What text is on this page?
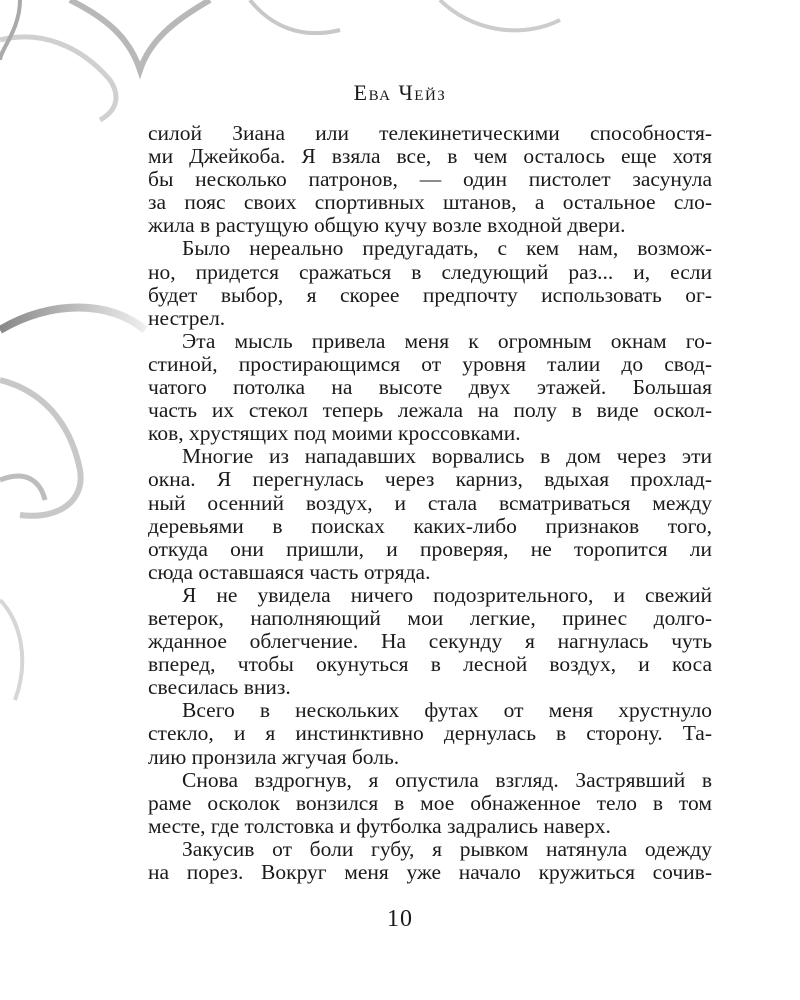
Ева Чейз
силой Зиана или телекинетическими способностя-
ми Джейкоба. Я взяла все, в чем осталось еще хотя
бы несколько патронов, — один пистолет засунула
за пояс своих спортивных штанов, а остальное сло-
жила в растущую общую кучу возле входной двери.
Было нереально предугадать, с кем нам, возмож-
но, придется сражаться в следующий раз... и, если
будет выбор, я скорее предпочту использовать ог-
нестрел.
Эта мысль привела меня к огромным окнам го-
стиной, простирающимся от уровня талии до свод-
чатого потолка на высоте двух этажей. Большая
часть их стекол теперь лежала на полу в виде оскол-
ков, хрустящих под моими кроссовками.
Многие из нападавших ворвались в дом через эти
окна. Я перегнулась через карниз, вдыхая прохлад-
ный осенний воздух, и стала всматриваться между
деревьями в поисках каких-либо признаков того,
откуда они пришли, и проверяя, не торопится ли
сюда оставшаяся часть отряда.
Я не увидела ничего подозрительного, и свежий
ветерок, наполняющий мои легкие, принес долго-
жданное облегчение. На секунду я нагнулась чуть
вперед, чтобы окунуться в лесной воздух, и коса
свесилась вниз.
Всего в нескольких футах от меня хрустнуло
стекло, и я инстинктивно дернулась в сторону. Та-
лию пронзила жгучая боль.
Снова вздрогнув, я опустила взгляд. Застрявший в
раме осколок вонзился в мое обнаженное тело в том
месте, где толстовка и футболка задрались наверх.
Закусив от боли губу, я рывком натянула одежду
на порез. Вокруг меня уже начало кружиться сочив-
10
